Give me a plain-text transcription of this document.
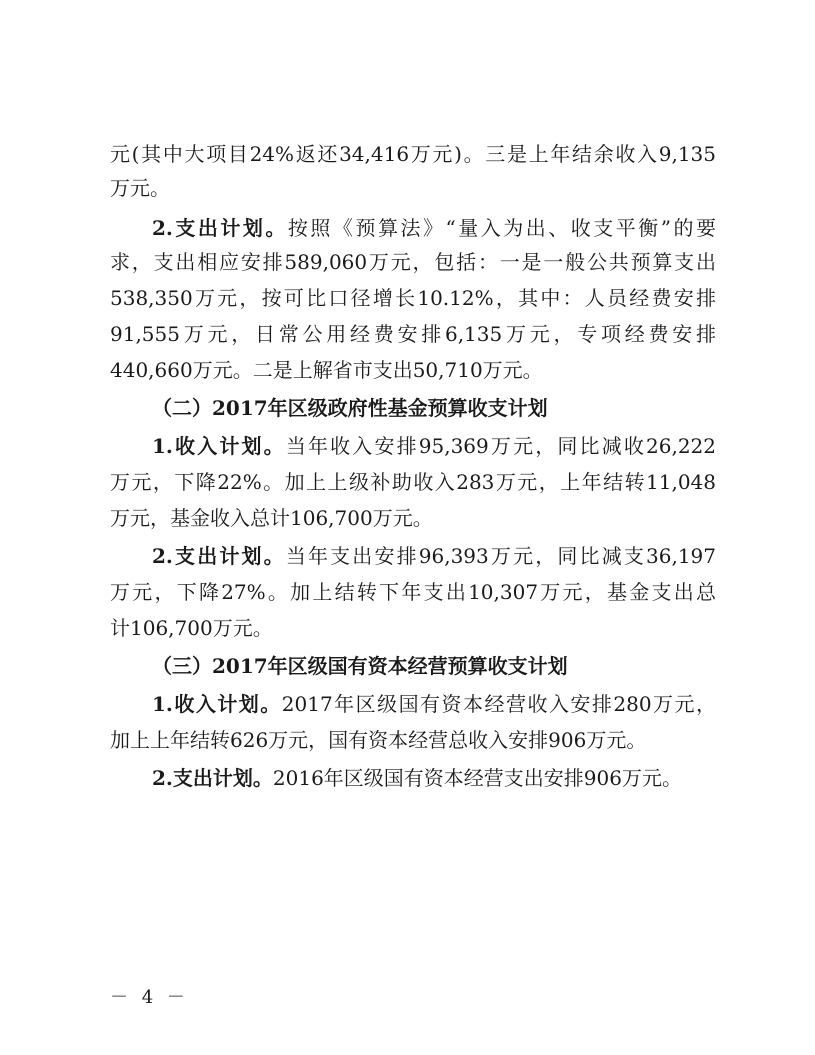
元(其中大项目24%返还34,416万元)。三是上年结余收入9,135
万元。
2.支出计划。按照《预算法》“量入为出、收支平衡”的要
求，支出相应安排589,060万元，包括：一是一般公共预算支出
538,350万元，按可比口径增长10.12%，其中：人员经费安排
91,555万元，日常公用经费安排6,135万元，专项经费安排
440,660万元。二是上解省市支出50,710万元。
（二）2017年区级政府性基金预算收支计划
1.收入计划。当年收入安排95,369万元，同比减收26,222
万元，下降22%。加上上级补助收入283万元，上年结转11,048
万元，基金收入总计106,700万元。
2.支出计划。当年支出安排96,393万元，同比减支36,197
万元，下降27%。加上结转下年支出10,307万元，基金支出总
计106,700万元。
（三）2017年区级国有资本经营预算收支计划
1.收入计划。2017年区级国有资本经营收入安排280万元，
加上上年结转626万元，国有资本经营总收入安排906万元。
2.支出计划。2016年区级国有资本经营支出安排906万元。
－ 4 －
